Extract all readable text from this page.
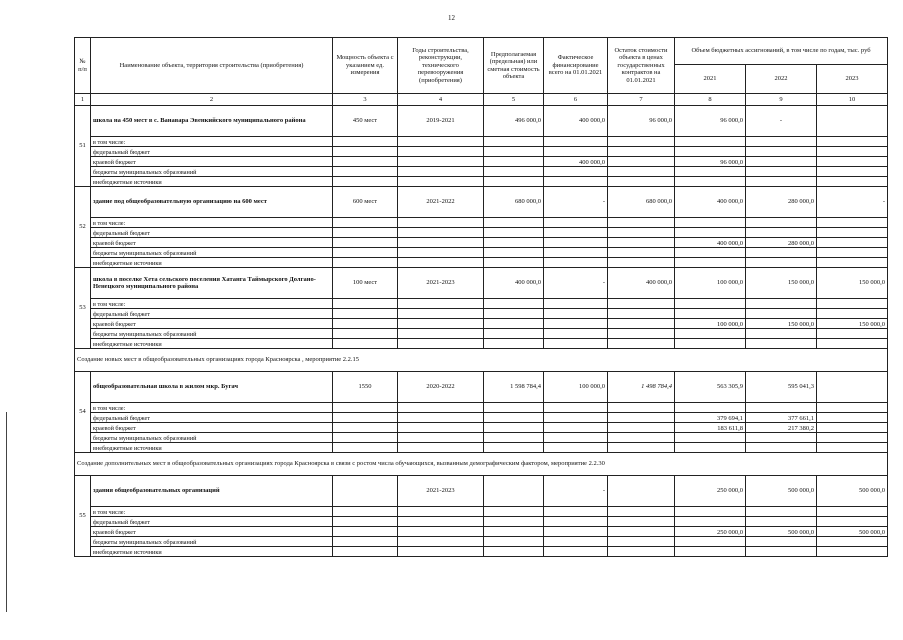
12
№ п/п	Наименование объекта, территория строительства (приобретения)	Мощность объекта с указанием ед. измерения	Годы строительства, реконструкции, технического перевооружения (приобретения)	Предполагаемая (предельная) или сметная стоимость объекта	Фактическое финансирование всего на 01.01.2021	Остаток стоимости объекта в ценах государственных контрактов на 01.01.2021	Объем бюджетных ассигнований, в том числе по годам, тыс. руб		
							2021	2022	2023
1	2	3	4	5	6	7	8	9	10
51	школа на 450 мест в с. Ванавара Эвенкийского муниципального района	450 мест	2019-2021	496 000,0	400 000,0	96 000,0	96 000,0	-	
	в том числе:								
	федеральный бюджет								
	краевой бюджет				400 000,0		96 000,0		
	бюджеты муниципальных образований								
	внебюджетные источники								
52	здание под общеобразовательную организацию на 600 мест	600 мест	2021-2022	680 000,0	-	680 000,0	400 000,0	280 000,0	-
	в том числе:								
	федеральный бюджет								
	краевой бюджет						400 000,0	280 000,0	
	бюджеты муниципальных образований								
	внебюджетные источники								
53	школа в поселке Хета сельского поселения Хатанга Таймырского Долгано-Ненецкого муниципального района	100 мест	2021-2023	400 000,0	-	400 000,0	100 000,0	150 000,0	150 000,0
	в том числе:								
	федеральный бюджет								
	краевой бюджет						100 000,0	150 000,0	150 000,0
	бюджеты муниципальных образований								
	внебюджетные источники								
Создание новых мест в общеобразовательных организациях города Красноярска , мероприятие 2.2.15									
54	общеобразовательная школа в жилом мкр. Бугач	1550	2020-2022	1 598 784,4	100 000,0	1 498 784,4	563 305,9	595 041,3	
	в том числе:								
	федеральный бюджет						379 694,1	377 661,1	
	краевой бюджет						183 611,8	217 380,2	
	бюджеты муниципальных образований								
	внебюджетные источники								
Создание дополнительных мест в общеобразовательных организациях города Красноярска в связи с ростом числа обучающихся, вызванным демографическим фактором, мероприятие 2.2.30									
55	здания общеобразовательных организаций		2021-2023		-		250 000,0	500 000,0	500 000,0
	в том числе:								
	федеральный бюджет								
	краевой бюджет						250 000,0	500 000,0	500 000,0
	бюджеты муниципальных образований								
	внебюджетные источники								
